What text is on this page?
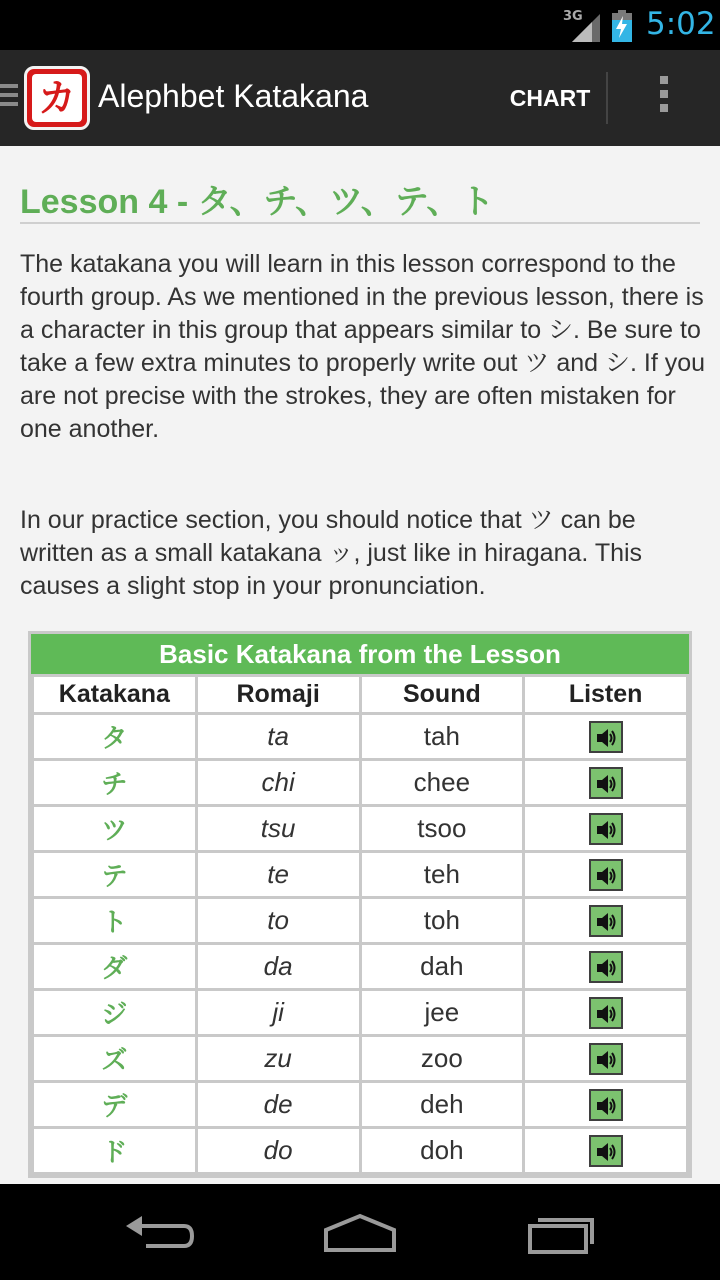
3G 5:02
カ Alephbet Katakana	CHART
Lesson 4 - タ、チ、ツ、テ、ト

The katakana you will learn in this lesson correspond to the fourth group. As we mentioned in the previous lesson, there is a character in this group that appears similar to シ. Be sure to take a few extra minutes to properly write out ツ and シ. If you are not precise with the strokes, they are often mistaken for one another.

In our practice section, you should notice that ツ can be written as a small katakana ッ, just like in hiragana. This causes a slight stop in your pronunciation.

Basic Katakana from the Lesson
Katakana	Romaji	Sound	Listen
タ	ta	tah	

チ	chi	chee	

ツ	tsu	tsoo	

テ	te	teh	

ト	to	toh	

ダ	da	dah	

ジ	ji	jee	

ズ	zu	zoo	

デ	de	deh	

ド	do	doh	
